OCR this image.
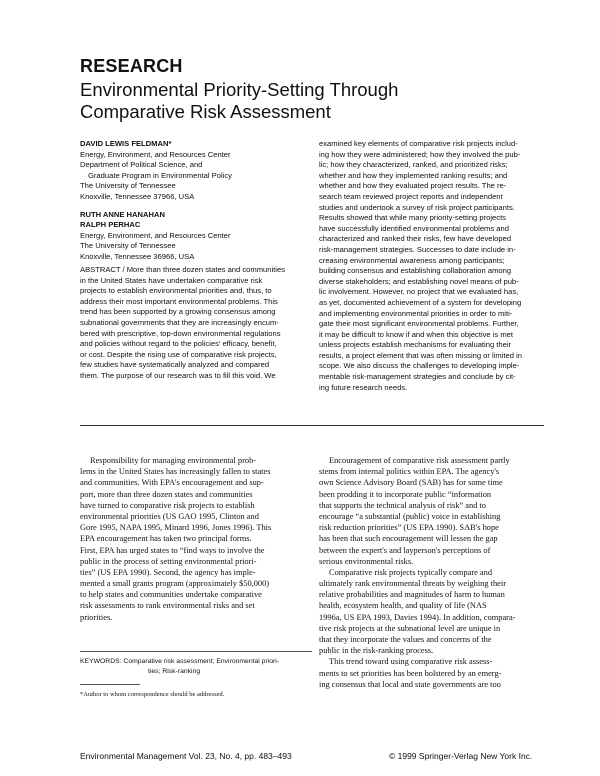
RESEARCH
Environmental Priority-Setting Through
Comparative Risk Assessment
DAVID LEWIS FELDMAN*
Energy, Environment, and Resources Center
Department of Political Science, and
Graduate Program in Environmental Policy
The University of Tennessee
Knoxville, Tennessee 37966, USA
RUTH ANNE HANAHAN
RALPH PERHAC
Energy, Environment, and Resources Center
The University of Tennessee
Knoxville, Tennessee 36966, USA
ABSTRACT / More than three dozen states and communities
in the United States have undertaken comparative risk
projects to establish environmental priorities and, thus, to
address their most important environmental problems. This
trend has been supported by a growing consensus among
subnational governments that they are increasingly encum-
bered with prescriptive, top-down environmental regulations
and policies without regard to the policies' efficacy, benefit,
or cost. Despite the rising use of comparative risk projects,
few studies have systematically analyzed and compared
them. The purpose of our research was to fill this void. We
examined key elements of comparative risk projects includ-
ing how they were administered; how they involved the pub-
lic; how they characterized, ranked, and prioritized risks;
whether and how they implemented ranking results; and
whether and how they evaluated project results. The re-
search team reviewed project reports and independent
studies and undertook a survey of risk project participants.
Results showed that while many priority-setting projects
have successfully identified environmental problems and
characterized and ranked their risks, few have developed
risk-management strategies. Successes to date include in-
creasing environmental awareness among participants;
building consensus and establishing collaboration among
diverse stakeholders; and establishing novel means of pub-
lic involvement. However, no project that we evaluated has,
as yet, documented achievement of a system for developing
and implementing environmental priorities in order to miti-
gate their most significant environmental problems. Further,
it may be difficult to know if and when this objective is met
unless projects establish mechanisms for evaluating their
results, a project element that was often missing or limited in
scope. We also discuss the challenges to developing imple-
mentable risk-management strategies and conclude by cit-
ing future research needs.
Responsibility for managing environmental prob-
lems in the United States has increasingly fallen to states
and communities. With EPA's encouragement and sup-
port, more than three dozen states and communities
have turned to comparative risk projects to establish
environmental priorities (US GAO 1995, Clinton and
Gore 1995, NAPA 1995, Minard 1996, Jones 1996). This
EPA encouragement has taken two principal forms.
First, EPA has urged states to “find ways to involve the
public in the process of setting environmental priori-
ties” (US EPA 1990). Second, the agency has imple-
mented a small grants program (approximately $50,000)
to help states and communities undertake comparative
risk assessments to rank environmental risks and set
priorities.
Encouragement of comparative risk assessment partly
stems from internal politics within EPA. The agency's
own Science Advisory Board (SAB) has for some time
been prodding it to incorporate public “information
that supports the technical analysis of risk” and to
encourage “a substantial (public) voice in establishing
risk reduction priorities” (US EPA 1990). SAB's hope
has been that such encouragement will lessen the gap
between the expert's and layperson's perceptions of
serious environmental risks.
Comparative risk projects typically compare and
ultimately rank environmental threats by weighing their
relative probabilities and magnitudes of harm to human
health, ecosystem health, and quality of life (NAS
1996a, US EPA 1993, Davies 1994). In addition, compara-
tive risk projects at the subnational level are unique in
that they incorporate the values and concerns of the
public in the risk-ranking process.
This trend toward using comparative risk assess-
ments to set priorities has been bolstered by an emerg-
ing consensus that local and state governments are too
KEYWORDS: Comparative risk assessment; Environmental priori-
ties; Risk-ranking
*Author to whom correspondence should be addressed.
Environmental Management Vol. 23, No. 4, pp. 483–493	© 1999 Springer-Verlag New York Inc.
